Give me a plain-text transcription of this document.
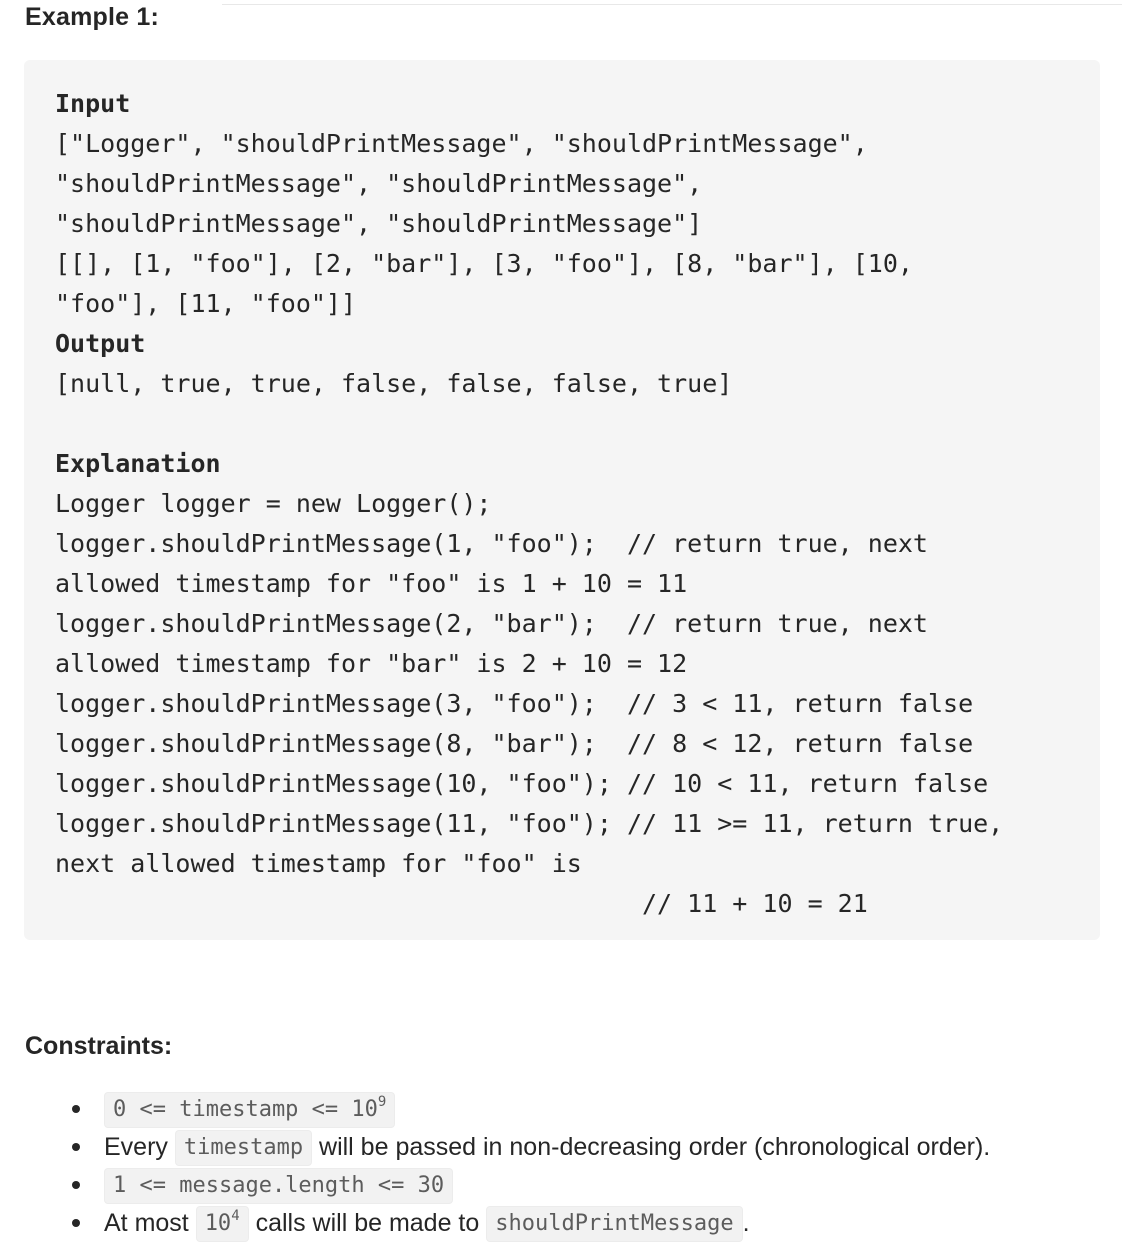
Example 1:
Input
["Logger", "shouldPrintMessage", "shouldPrintMessage",
"shouldPrintMessage", "shouldPrintMessage",
"shouldPrintMessage", "shouldPrintMessage"]
[[], [1, "foo"], [2, "bar"], [3, "foo"], [8, "bar"], [10,
"foo"], [11, "foo"]]
Output
[null, true, true, false, false, false, true]
Explanation
Logger logger = new Logger();
logger.shouldPrintMessage(1, "foo");  // return true, next
allowed timestamp for "foo" is 1 + 10 = 11
logger.shouldPrintMessage(2, "bar");  // return true, next
allowed timestamp for "bar" is 2 + 10 = 12
logger.shouldPrintMessage(3, "foo");  // 3 < 11, return false
logger.shouldPrintMessage(8, "bar");  // 8 < 12, return false
logger.shouldPrintMessage(10, "foo"); // 10 < 11, return false
logger.shouldPrintMessage(11, "foo"); // 11 >= 11, return true,
next allowed timestamp for "foo" is
// 11 + 10 = 21
Constraints:
0 <= timestamp <= $10^9$
Every timestamp will be passed in non-decreasing order (chronological order).
1 <= message.length <= 30
At most $10^4$ calls will be made to shouldPrintMessage .
